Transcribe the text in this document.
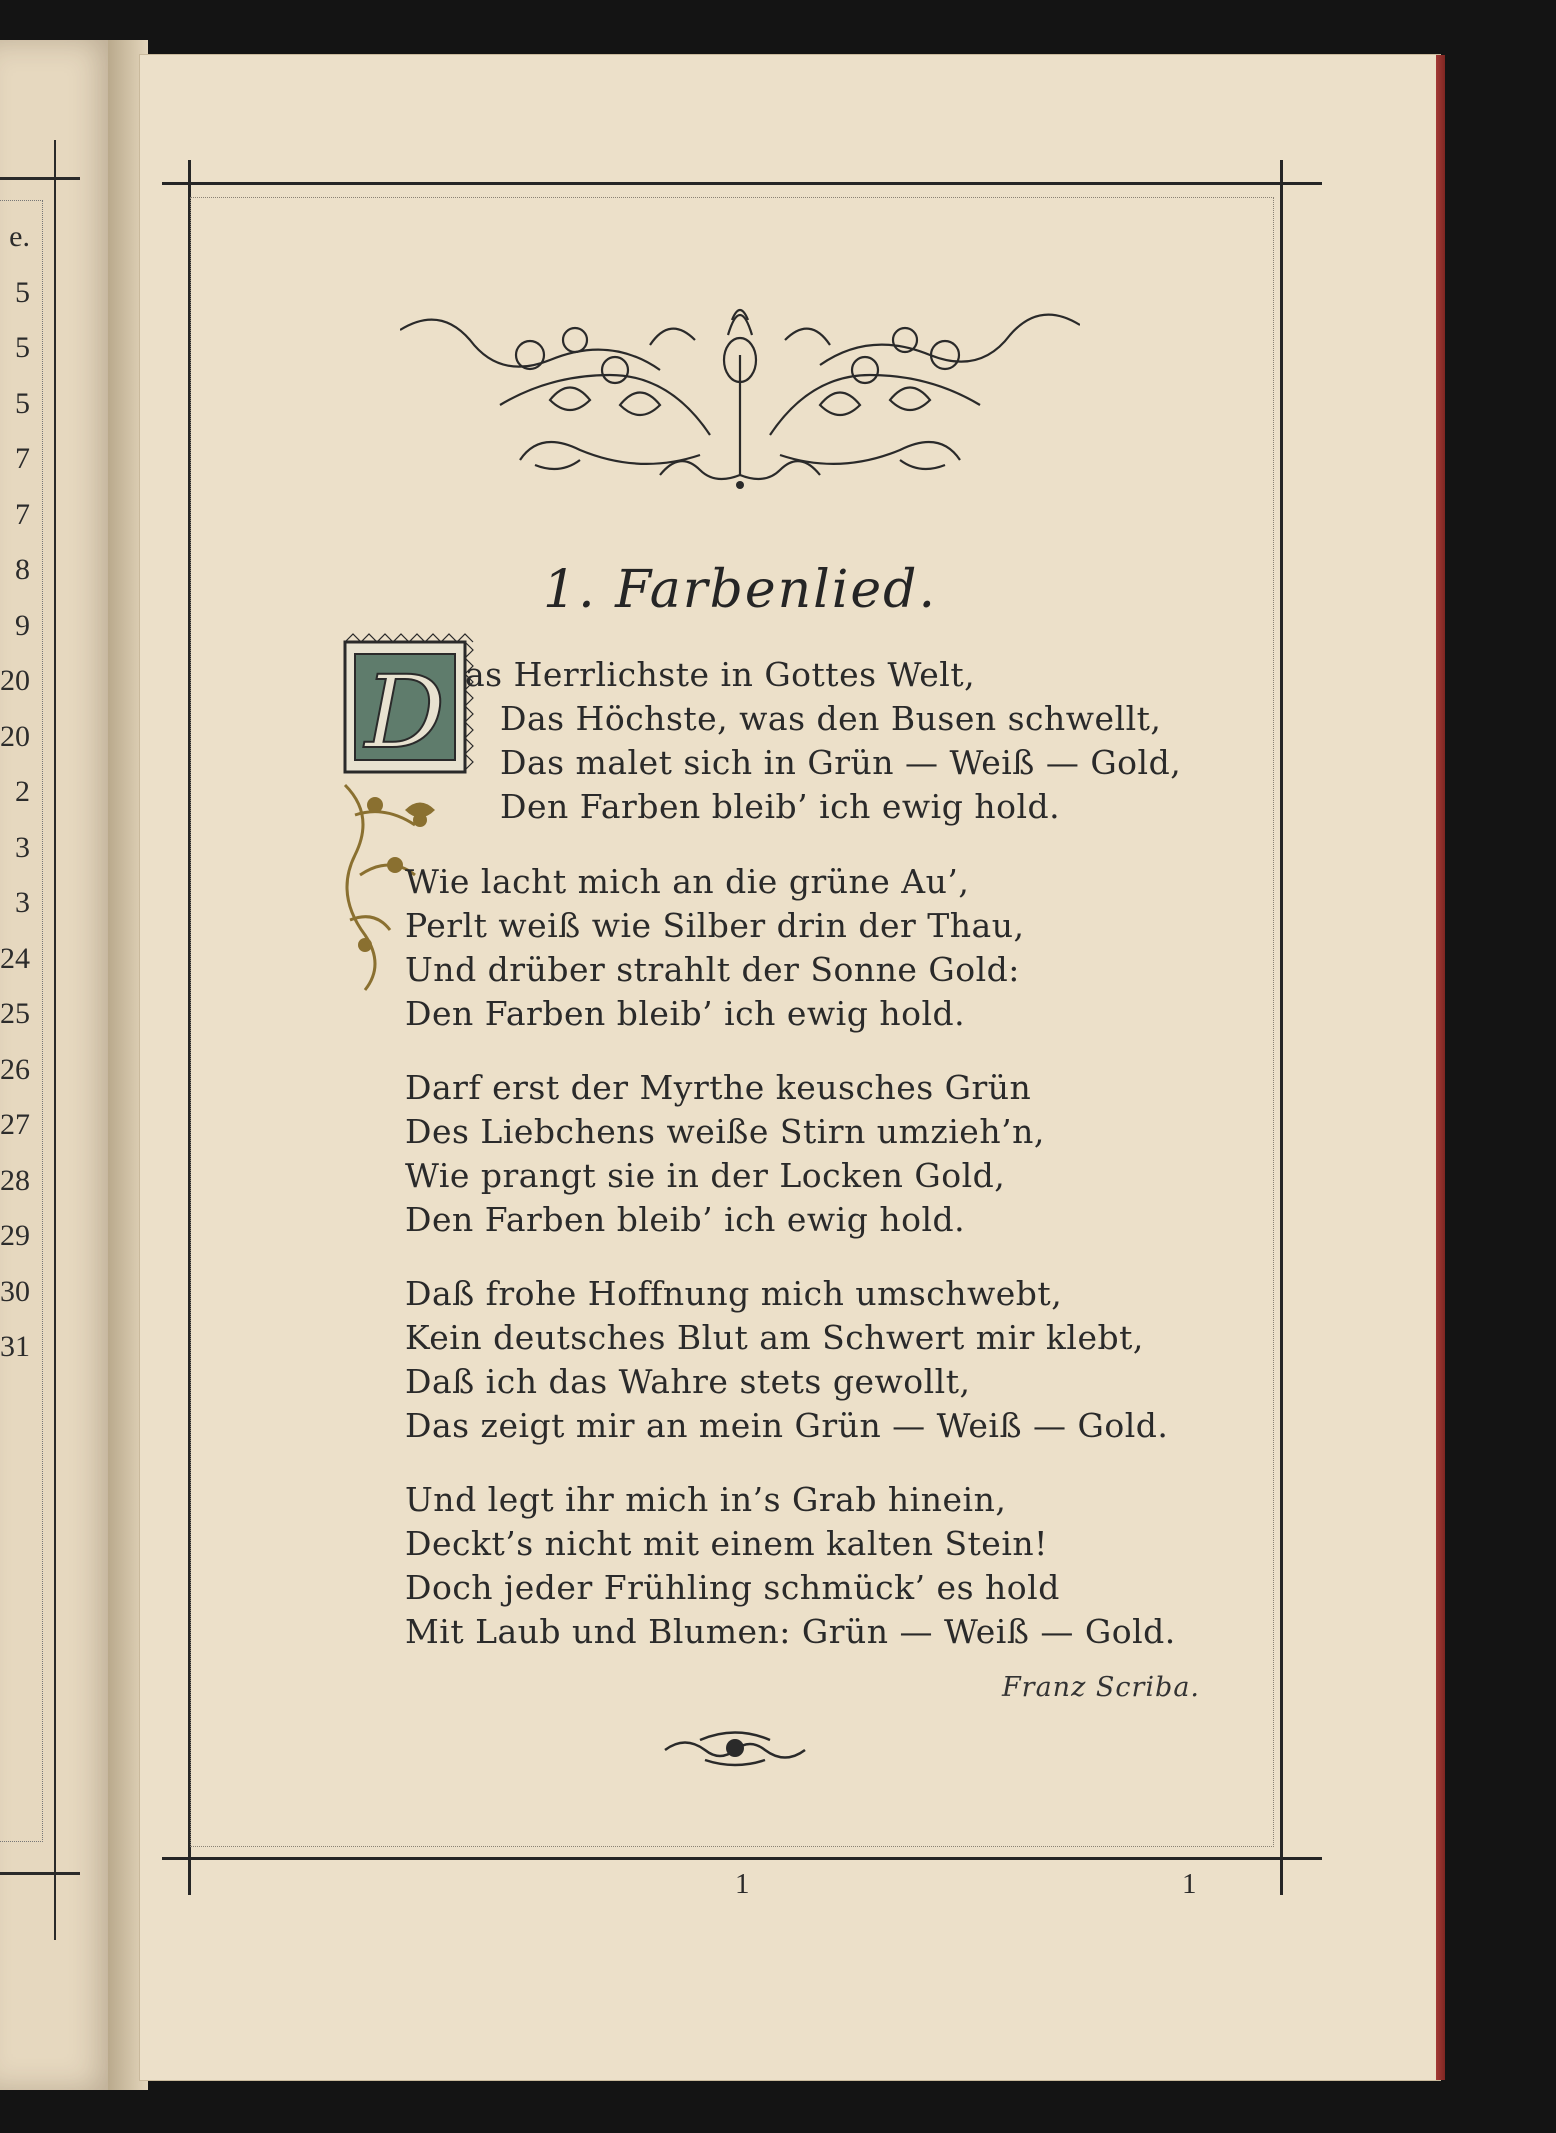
e.
5
5
5
7
7
8
9
20
20
2
3
3
24
25
26
27
28
29
30
31
1. Farbenlied.
D as Herrlichste in Gottes Welt,
Das Höchste, was den Busen schwellt,
Das malet sich in Grün — Weiß — Gold,
Den Farben bleib’ ich ewig hold.
Wie lacht mich an die grüne Au’,
Perlt weiß wie Silber drin der Thau,
Und drüber strahlt der Sonne Gold:
Den Farben bleib’ ich ewig hold.
Darf erst der Myrthe keusches Grün
Des Liebchens weiße Stirn umzieh’n,
Wie prangt sie in der Locken Gold,
Den Farben bleib’ ich ewig hold.
Daß frohe Hoffnung mich umschwebt,
Kein deutsches Blut am Schwert mir klebt,
Daß ich das Wahre stets gewollt,
Das zeigt mir an mein Grün — Weiß — Gold.
Und legt ihr mich in’s Grab hinein,
Deckt’s nicht mit einem kalten Stein!
Doch jeder Frühling schmück’ es hold
Mit Laub und Blumen: Grün — Weiß — Gold.
Franz Scriba.
1	1
